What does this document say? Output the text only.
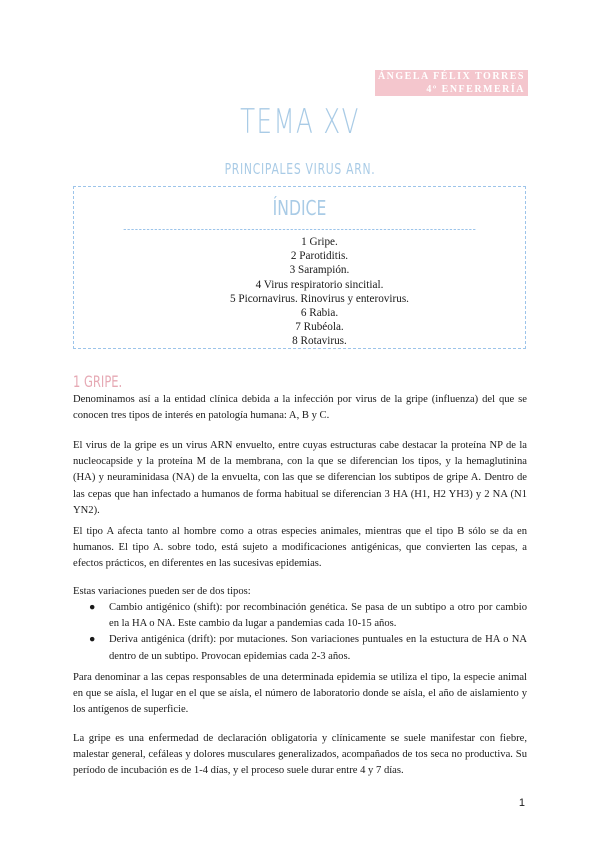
ÁNGELA FÉLIX TORRES
4º ENFERMERÍA
TEMA XV
PRINCIPALES VIRUS ARN.
ÍNDICE
1 Gripe.
2 Parotiditis.
3 Sarampión.
4 Virus respiratorio sincitial.
5 Picornavirus. Rinovirus y enterovirus.
6 Rabia.
7 Rubéola.
8 Rotavirus.
1 GRIPE.

Denominamos así a la entidad clínica debida a la infección por virus de la gripe (influenza) del que se conocen tres tipos de interés en patología humana: A, B y C.

El virus de la gripe es un virus ARN envuelto, entre cuyas estructuras cabe destacar la proteína NP de la nucleocapside y la proteína M de la membrana, con la que se diferencian los tipos, y la hemaglutinina (HA) y neuraminidasa (NA) de la envuelta, con las que se diferencian los subtipos de gripe A. Dentro de las cepas que han infectado a humanos de forma habitual se diferencian 3 HA (H1, H2 YH3) y 2 NA (N1 YN2).

El tipo A afecta tanto al hombre como a otras especies animales, mientras que el tipo B sólo se da en humanos. El tipo A. sobre todo, está sujeto a modificaciones antigénicas, que convierten las cepas, a efectos prácticos, en diferentes en las sucesivas epidemias.

Estas variaciones pueden ser de dos tipos:

● Cambio antigénico (shift): por recombinación genética. Se pasa de un subtipo a otro por cambio en la HA o NA. Este cambio da lugar a pandemias cada 10-15 años.
● Deriva antigénica (drift): por mutaciones. Son variaciones puntuales en la estuctura de HA o NA dentro de un subtipo. Provocan epidemias cada 2-3 años.

Para denominar a las cepas responsables de una determinada epidemia se utiliza el tipo, la especie animal en que se aísla, el lugar en el que se aísla, el número de laboratorio donde se aísla, el año de aislamiento y los antígenos de superficie.

La gripe es una enfermedad de declaración obligatoria y clínicamente se suele manifestar con fiebre, malestar general, cefáleas y dolores musculares generalizados, acompañados de tos seca no productiva. Su período de incubación es de 1-4 días, y el proceso suele durar entre 4 y 7 días.

1
